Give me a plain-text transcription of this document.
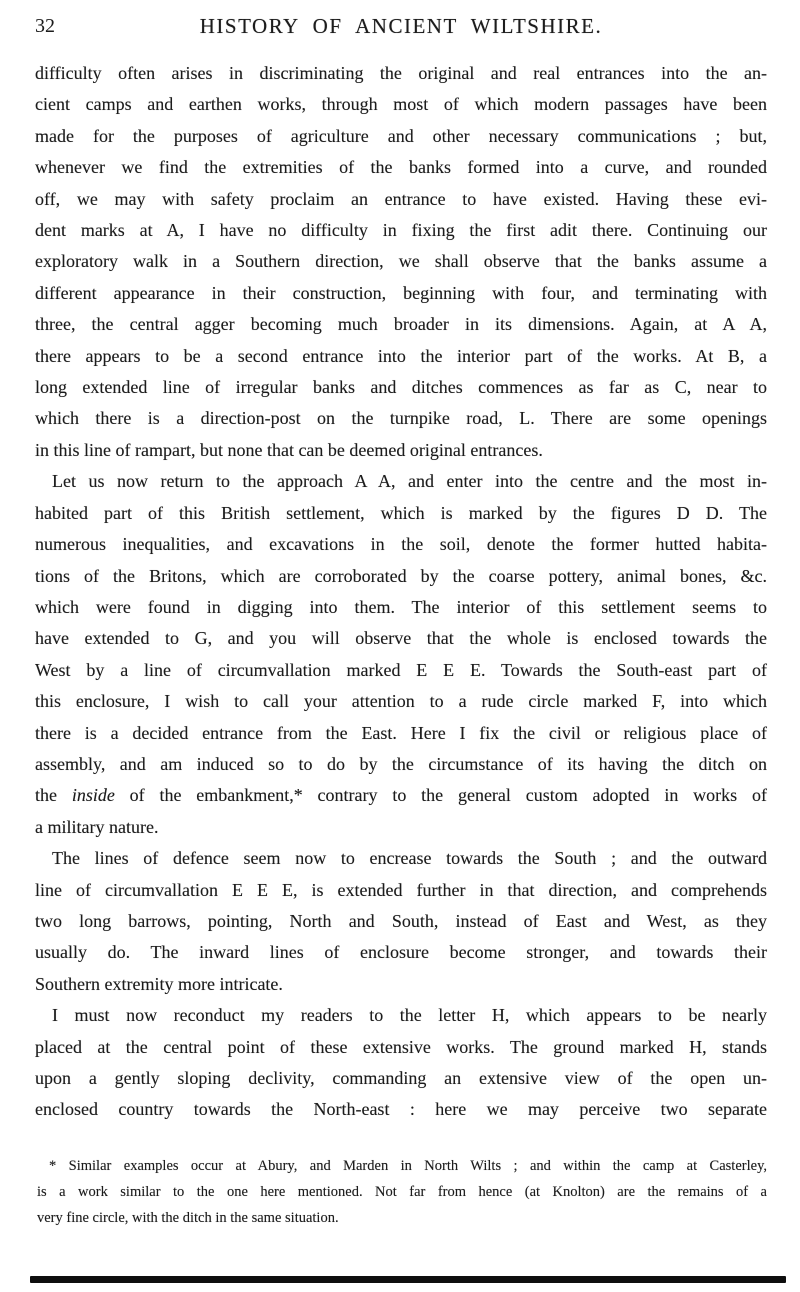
32	HISTORY OF ANCIENT WILTSHIRE.
difficulty often arises in discriminating the original and real entrances into the an-
cient camps and earthen works, through most of which modern passages have been
made for the purposes of agriculture and other necessary communications ; but,
whenever we find the extremities of the banks formed into a curve, and rounded
off, we may with safety proclaim an entrance to have existed. Having these evi-
dent marks at A, I have no difficulty in fixing the first adit there. Continuing our
exploratory walk in a Southern direction, we shall observe that the banks assume a
different appearance in their construction, beginning with four, and terminating with
three, the central agger becoming much broader in its dimensions. Again, at A A,
there appears to be a second entrance into the interior part of the works. At B, a
long extended line of irregular banks and ditches commences as far as C, near to
which there is a direction-post on the turnpike road, L. There are some openings
in this line of rampart, but none that can be deemed original entrances.
Let us now return to the approach A A, and enter into the centre and the most in-
habited part of this British settlement, which is marked by the figures D D. The
numerous inequalities, and excavations in the soil, denote the former hutted habita-
tions of the Britons, which are corroborated by the coarse pottery, animal bones, &c.
which were found in digging into them. The interior of this settlement seems to
have extended to G, and you will observe that the whole is enclosed towards the
West by a line of circumvallation marked E E E. Towards the South-east part of
this enclosure, I wish to call your attention to a rude circle marked F, into which
there is a decided entrance from the East. Here I fix the civil or religious place of
assembly, and am induced so to do by the circumstance of its having the ditch on
the inside of the embankment,* contrary to the general custom adopted in works of
a military nature.
The lines of defence seem now to encrease towards the South ; and the outward
line of circumvallation E E E, is extended further in that direction, and comprehends
two long barrows, pointing, North and South, instead of East and West, as they
usually do. The inward lines of enclosure become stronger, and towards their
Southern extremity more intricate.
I must now reconduct my readers to the letter H, which appears to be nearly
placed at the central point of these extensive works. The ground marked H, stands
upon a gently sloping declivity, commanding an extensive view of the open un-
enclosed country towards the North-east : here we may perceive two separate
* Similar examples occur at Abury, and Marden in North Wilts ; and within the camp at Casterley,
is a work similar to the one here mentioned. Not far from hence (at Knolton) are the remains of a
very fine circle, with the ditch in the same situation.
